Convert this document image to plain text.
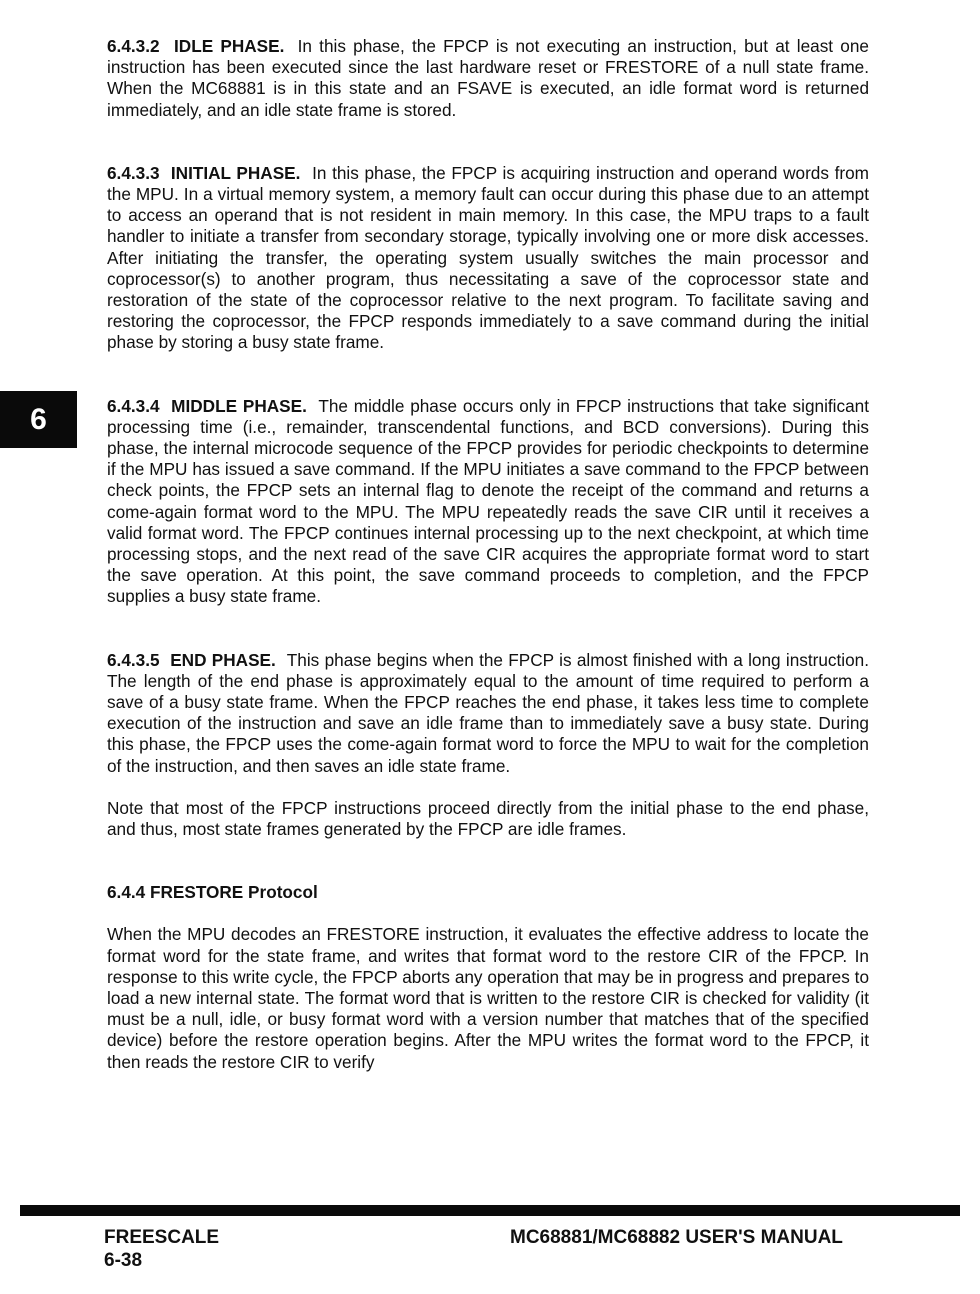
6

6.4.3.2 IDLE PHASE. In this phase, the FPCP is not executing an instruction, but at least one instruction has been executed since the last hardware reset or FRESTORE of a null state frame. When the MC68881 is in this state and an FSAVE is executed, an idle format word is returned immediately, and an idle state frame is stored.

6.4.3.3 INITIAL PHASE. In this phase, the FPCP is acquiring instruction and operand words from the MPU. In a virtual memory system, a memory fault can occur during this phase due to an attempt to access an operand that is not resident in main memory. In this case, the MPU traps to a fault handler to initiate a transfer from secondary storage, typically involving one or more disk accesses. After initiating the transfer, the operating system usually switches the main processor and coprocessor(s) to another program, thus necessitating a save of the coprocessor state and restoration of the state of the coprocessor relative to the next program. To facilitate saving and restoring the coprocessor, the FPCP responds immediately to a save command during the initial phase by storing a busy state frame.

6.4.3.4 MIDDLE PHASE. The middle phase occurs only in FPCP instructions that take significant processing time (i.e., remainder, transcendental functions, and BCD conversions). During this phase, the internal microcode sequence of the FPCP provides for periodic checkpoints to determine if the MPU has issued a save command. If the MPU initiates a save command to the FPCP between check points, the FPCP sets an internal flag to denote the receipt of the command and returns a come-again format word to the MPU. The MPU repeatedly reads the save CIR until it receives a valid format word. The FPCP continues internal processing up to the next checkpoint, at which time processing stops, and the next read of the save CIR acquires the appropriate format word to start the save operation. At this point, the save command proceeds to completion, and the FPCP supplies a busy state frame.

6.4.3.5 END PHASE. This phase begins when the FPCP is almost finished with a long instruction. The length of the end phase is approximately equal to the amount of time required to perform a save of a busy state frame. When the FPCP reaches the end phase, it takes less time to complete execution of the instruction and save an idle frame than to immediately save a busy state. During this phase, the FPCP uses the come-again format word to force the MPU to wait for the completion of the instruction, and then saves an idle state frame.

Note that most of the FPCP instructions proceed directly from the initial phase to the end phase, and thus, most state frames generated by the FPCP are idle frames.

6.4.4 FRESTORE Protocol

When the MPU decodes an FRESTORE instruction, it evaluates the effective address to locate the format word for the state frame, and writes that format word to the restore CIR of the FPCP. In response to this write cycle, the FPCP aborts any operation that may be in progress and prepares to load a new internal state. The format word that is written to the restore CIR is checked for validity (it must be a null, idle, or busy format word with a version number that matches that of the specified device) before the restore operation begins. After the MPU writes the format word to the FPCP, it then reads the restore CIR to verify

FREESCALE
6-38
MC68881/MC68882 USER'S MANUAL
